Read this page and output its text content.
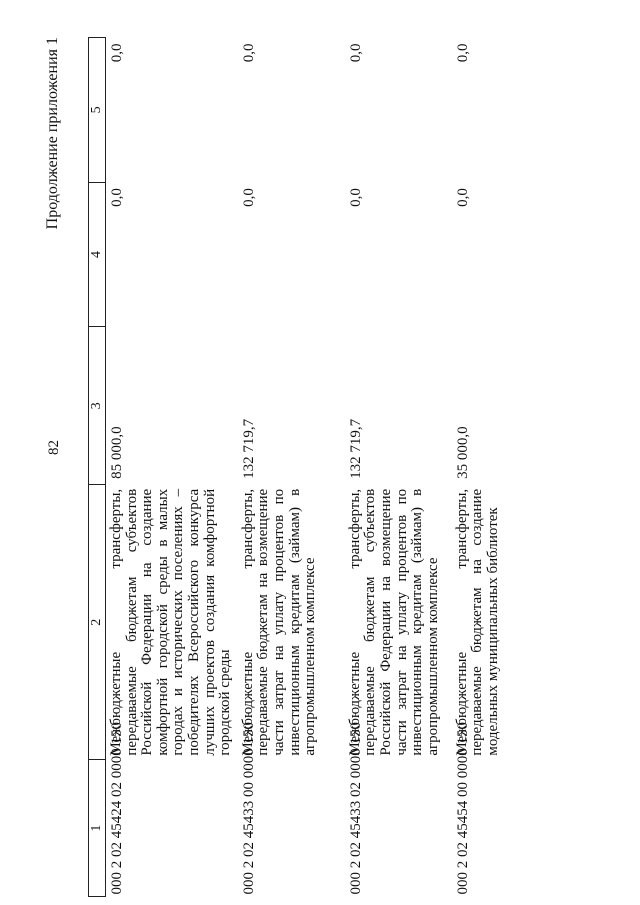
82
Продолжение приложения 1
1	2	3	4	5
000 2 02 45424 02 0000 150	Межбюджетные трансферты, передаваемые бюджетам субъектов Российской Федерации на создание комфортной городской среды в малых городах и исторических поселениях – победителях Всероссийского конкурса лучших проектов создания комфортной городской среды	85 000,0	0,0	0,0
000 2 02 45433 00 0000 150	Межбюджетные трансферты, передаваемые бюджетам на возмещение части затрат на уплату процентов по инвестиционным кредитам (займам) в агропромышленном комплексе	132 719,7	0,0	0,0
000 2 02 45433 02 0000 150	Межбюджетные трансферты, передаваемые бюджетам субъектов Российской Федерации на возмещение части затрат на уплату процентов по инвестиционным кредитам (займам) в агропромышленном комплексе	132 719,7	0,0	0,0
000 2 02 45454 00 0000 150	Межбюджетные трансферты, передаваемые бюджетам на создание модельных муниципальных библиотек	35 000,0	0,0	0,0
